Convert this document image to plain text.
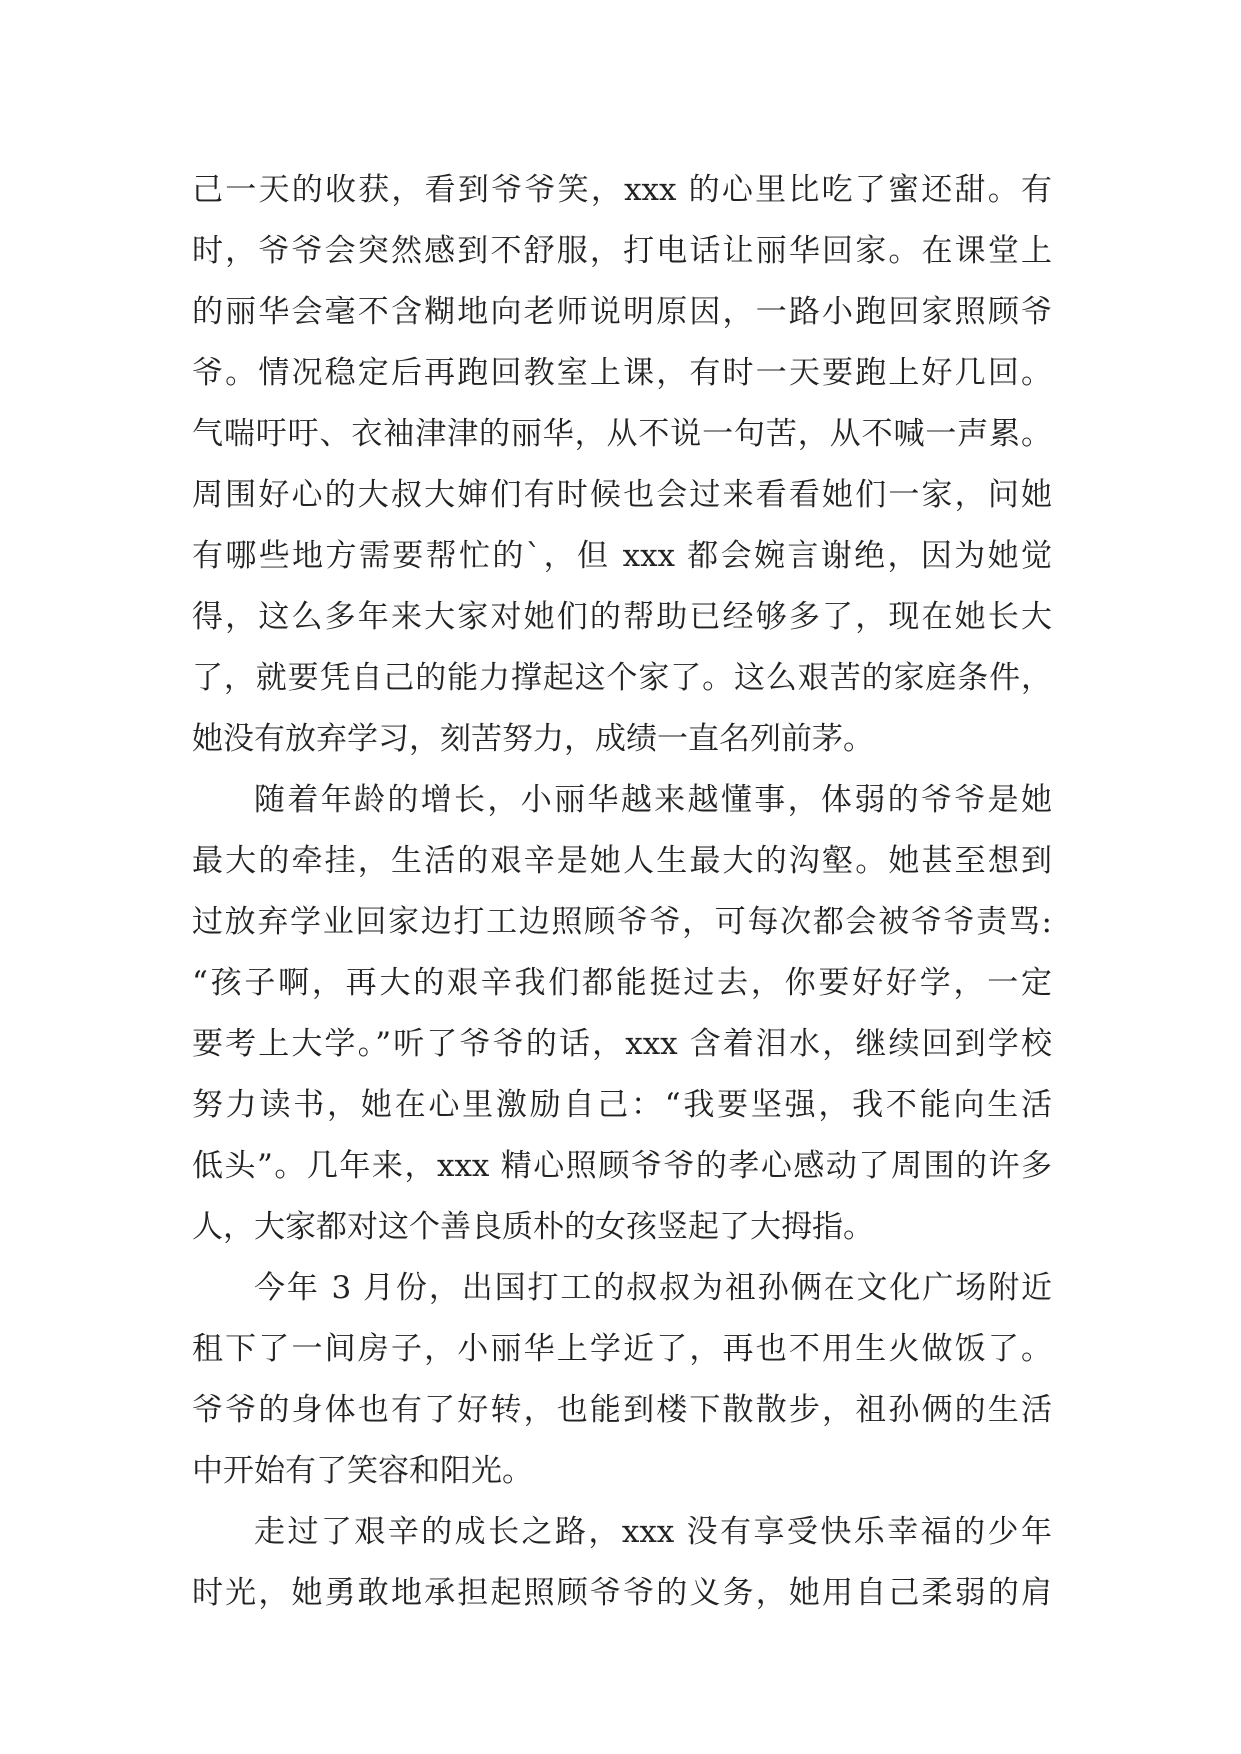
己一天的收获，看到爷爷笑，xxx 的心里比吃了蜜还甜。有
时，爷爷会突然感到不舒服，打电话让丽华回家。在课堂上
的丽华会毫不含糊地向老师说明原因，一路小跑回家照顾爷
爷。情况稳定后再跑回教室上课，有时一天要跑上好几回。
气喘吁吁、衣袖津津的丽华，从不说一句苦，从不喊一声累。
周围好心的大叔大婶们有时候也会过来看看她们一家，问她
有哪些地方需要帮忙的`，但 xxx 都会婉言谢绝，因为她觉
得，这么多年来大家对她们的帮助已经够多了，现在她长大
了，就要凭自己的能力撑起这个家了。这么艰苦的家庭条件，
她没有放弃学习，刻苦努力，成绩一直名列前茅。
随着年龄的增长，小丽华越来越懂事，体弱的爷爷是她
最大的牵挂，生活的艰辛是她人生最大的沟壑。她甚至想到
过放弃学业回家边打工边照顾爷爷，可每次都会被爷爷责骂:
“孩子啊，再大的艰辛我们都能挺过去，你要好好学，一定
要考上大学。”听了爷爷的话，xxx 含着泪水，继续回到学校
努力读书，她在心里激励自己：“我要坚强，我不能向生活
低头”。几年来，xxx 精心照顾爷爷的孝心感动了周围的许多
人，大家都对这个善良质朴的女孩竖起了大拇指。
今年 3 月份，出国打工的叔叔为祖孙俩在文化广场附近
租下了一间房子，小丽华上学近了，再也不用生火做饭了。
爷爷的身体也有了好转，也能到楼下散散步，祖孙俩的生活
中开始有了笑容和阳光。
走过了艰辛的成长之路，xxx 没有享受快乐幸福的少年
时光，她勇敢地承担起照顾爷爷的义务，她用自己柔弱的肩
